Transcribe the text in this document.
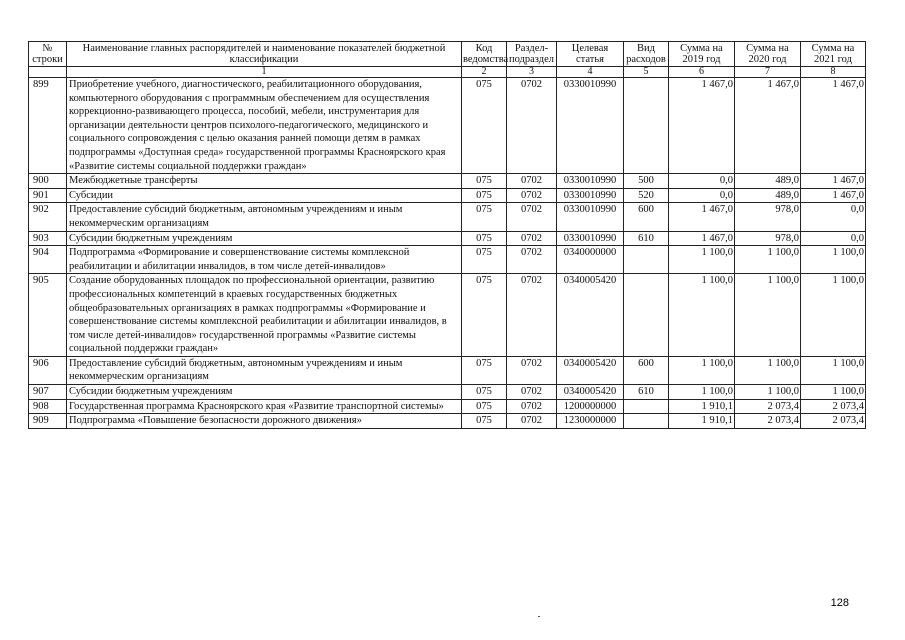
№ строки	Наименование главных распорядителей и наименование показателей бюджетной классификации	Код ведомства	Раздел-подраздел	Целевая статья	Вид расходов	Сумма на 2019 год	Сумма на 2020 год	Сумма на 2021 год
	1	2	3	4	5	6	7	8
899	Приобретение учебного, диагностического, реабилитационного оборудования, компьютерного оборудования с программным обеспечением для осуществления коррекционно-развивающего процесса, пособий, мебели, инструментария для организации деятельности центров психолого-педагогического, медицинского и социального сопровождения с целью оказания ранней помощи детям в рамках подпрограммы «Доступная среда» государственной программы Красноярского края «Развитие системы социальной поддержки граждан»	075	0702	0330010990		1 467,0	1 467,0	1 467,0
900	Межбюджетные трансферты	075	0702	0330010990	500	0,0	489,0	1 467,0
901	Субсидии	075	0702	0330010990	520	0,0	489,0	1 467,0
902	Предоставление субсидий бюджетным, автономным учреждениям и иным некоммерческим организациям	075	0702	0330010990	600	1 467,0	978,0	0,0
903	Субсидии бюджетным учреждениям	075	0702	0330010990	610	1 467,0	978,0	0,0
904	Подпрограмма «Формирование и совершенствование системы комплексной реабилитации и абилитации инвалидов, в том числе детей-инвалидов»	075	0702	0340000000		1 100,0	1 100,0	1 100,0
905	Создание оборудованных площадок по профессиональной ориентации, развитию профессиональных компетенций в краевых государственных бюджетных общеобразовательных организациях в рамках подпрограммы «Формирование и совершенствование системы комплексной реабилитации и абилитации инвалидов, в том числе детей-инвалидов» государственной программы «Развитие системы социальной поддержки граждан»	075	0702	0340005420		1 100,0	1 100,0	1 100,0
906	Предоставление субсидий бюджетным, автономным учреждениям и иным некоммерческим организациям	075	0702	0340005420	600	1 100,0	1 100,0	1 100,0
907	Субсидии бюджетным учреждениям	075	0702	0340005420	610	1 100,0	1 100,0	1 100,0
908	Государственная программа Красноярского края «Развитие транспортной системы»	075	0702	1200000000		1 910,1	2 073,4	2 073,4
909	Подпрограмма «Повышение безопасности дорожного движения»	075	0702	1230000000		1 910,1	2 073,4	2 073,4
128
